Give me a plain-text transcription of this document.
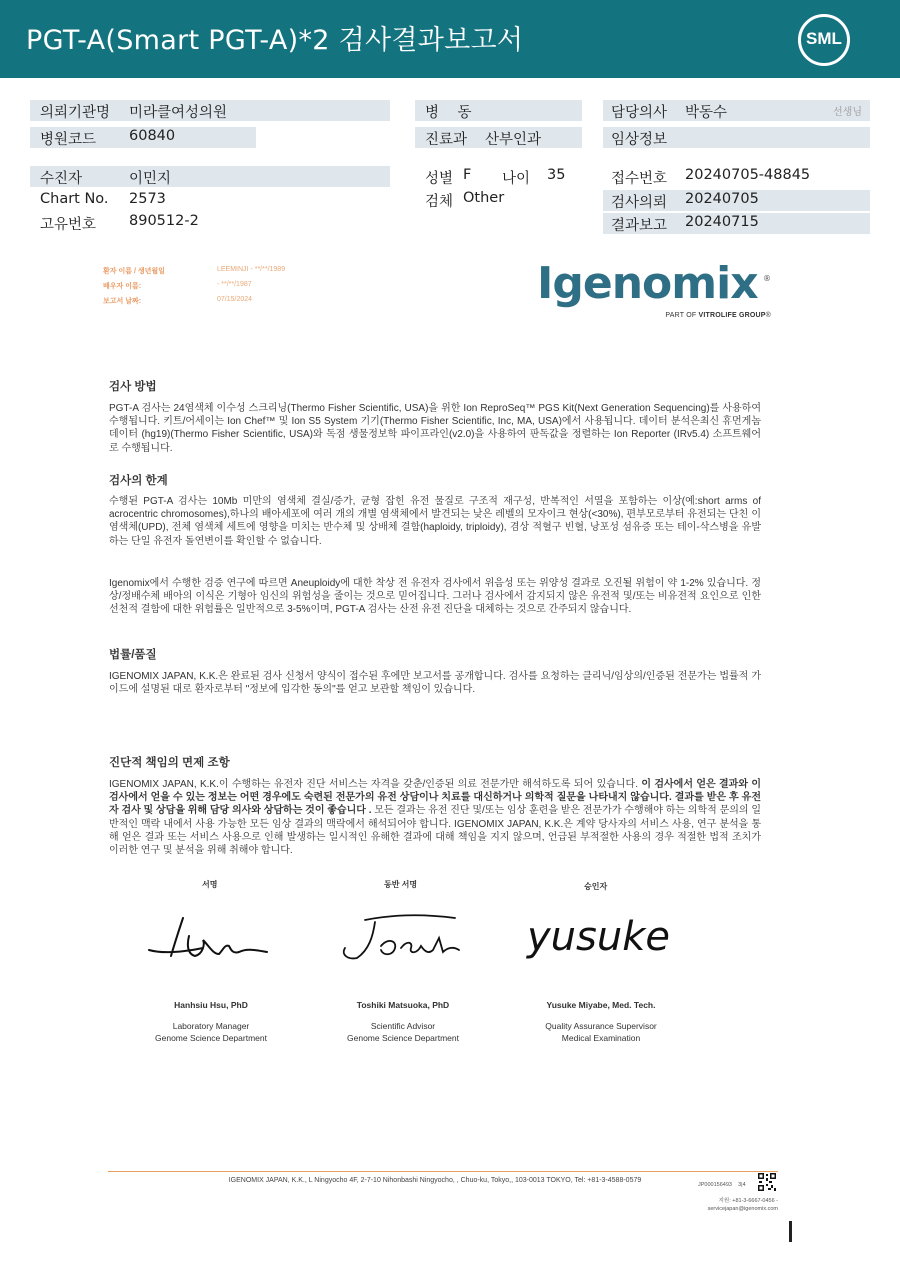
PGT-A(Smart PGT-A)*2 검사결과보고서	SML
의뢰기관명 미라클여성의원
병원코드 60840
수진자	이민지
Chart No. 2573
고유번호 890512-2
병    동
진료과 산부인과
성별 F 나이 35
검체 Other
담당의사 박동수	선생님
임상정보
접수번호 20240705-48845
검사의뢰 20240705
결과보고 20240715
환자 이름 / 생년월일	LEEMINJI - **/**/1989
배우자 이름:	- **/**/1987
보고서 날짜:	07/15/2024	Igenomix ®
PART OF VITROLIFE GROUP®
검사 방법
PGT-A 검사는 24염색체 이수성 스크리닝(Thermo Fisher Scientific, USA)을 위한 Ion ReproSeq™ PGS Kit(Next Generation Sequencing)를 사용하여 수행됩니다. 키트/어세이는 Ion Chef™ 및 Ion S5 System 기기(Thermo Fisher Scientific, Inc, MA, USA)에서 사용됩니다. 데이터 분석은최신 휴먼게놈데이터 (hg19)(Thermo Fisher Scientific, USA)와 독점 생물정보학 파이프라인(v2.0)을 사용하여 판독값을 정렬하는 Ion Reporter (IRv5.4) 소프트웨어로 수행됩니다.
검사의 한계
수행된 PGT-A 검사는 10Mb 미만의 염색체 결실/증가, 균형 잡힌 유전 물질로 구조적 재구성, 반복적인 서열을 포함하는 이상(예:short arms of acrocentric chromosomes),하나의 배아세포에 여러 개의 개별 염색체에서 발견되는 낮은 레벨의 모자이크 현상(<30%), 편부모로부터 유전되는 단친 이염색체(UPD), 전체 염색체 세트에 영향을 미치는 반수체 및 상배체 결함(haploidy, triploidy), 겸상 적혈구 빈혈, 낭포성 섬유증 또는 테이-삭스병을 유발하는 단일 유전자 돌연변이를 확인할 수 없습니다.
Igenomix에서 수행한 검증 연구에 따르면 Aneuploidy에 대한 착상 전 유전자 검사에서 위음성 또는 위양성 결과로 오진될 위험이 약 1-2% 있습니다. 정상/정배수체 배아의 이식은 기형아 임신의 위험성을 줄이는 것으로 믿어집니다. 그러나 검사에서 감지되지 않은 유전적 및/또는 비유전적 요인으로 인한 선천적 결함에 대한 위험률은 일반적으로 3-5%이며, PGT-A 검사는 산전 유전 진단을 대체하는 것으로 간주되지 않습니다.
법률/품질
IGENOMIX JAPAN, K.K.은 완료된 검사 신청서 양식이 접수된 후에만 보고서를 공개합니다. 검사를 요청하는 클리닉/임상의/인증된 전문가는 법률적 가이드에 설명된 대로 환자로부터 "정보에 입각한 동의"를 얻고 보관할 책임이 있습니다.
진단적 책임의 면제 조항
IGENOMIX JAPAN, K.K.이 수행하는 유전자 진단 서비스는 자격을 갖춘/인증된 의료 전문가만 해석하도록 되어 있습니다. 이 검사에서 얻은 결과와 이 검사에서 얻을 수 있는 정보는 어떤 경우에도 숙련된 전문가의 유전 상담이나 치료를 대신하거나 의학적 질문을 나타내지 않습니다. 결과를 받은 후 유전자 검사 및 상담을 위해 담당 의사와 상담하는 것이 좋습니다 . 모든 결과는 유전 진단 및/또는 임상 훈련을 받은 전문가가 수행해야 하는 의학적 문의의 일반적인 맥락 내에서 사용 가능한 모든 임상 결과의 맥락에서 해석되어야 합니다. IGENOMIX JAPAN, K.K.은 계약 당사자의 서비스 사용, 연구 분석을 통해 얻은 결과 또는 서비스 사용으로 인해 발생하는 일시적인 유해한 결과에 대해 책임을 지지 않으며, 언급된 부적절한 사용의 경우 적절한 법적 조치가 이러한 연구 및 분석을 위해 취해야 합니다.
서명	동반 서명	승인자
yusuke
Hanhsiu Hsu, PhD
Laboratory Manager
Genome Science Department
Toshiki Matsuoka, PhD
Scientific Advisor
Genome Science Department
Yusuke Miyabe, Med. Tech.
Quality Assurance Supervisor
Medical Examination
IGENOMIX JAPAN, K.K., L Ningyocho 4F, 2-7-10 Nihonbashi Ningyocho, , Chuo-ku, Tokyo,, 103-0013 TOKYO, Tel: +81-3-4588-0579
JP000156493 3|4
지원: +81-3-6667-0456 -
servicejapan@igenomix.com
